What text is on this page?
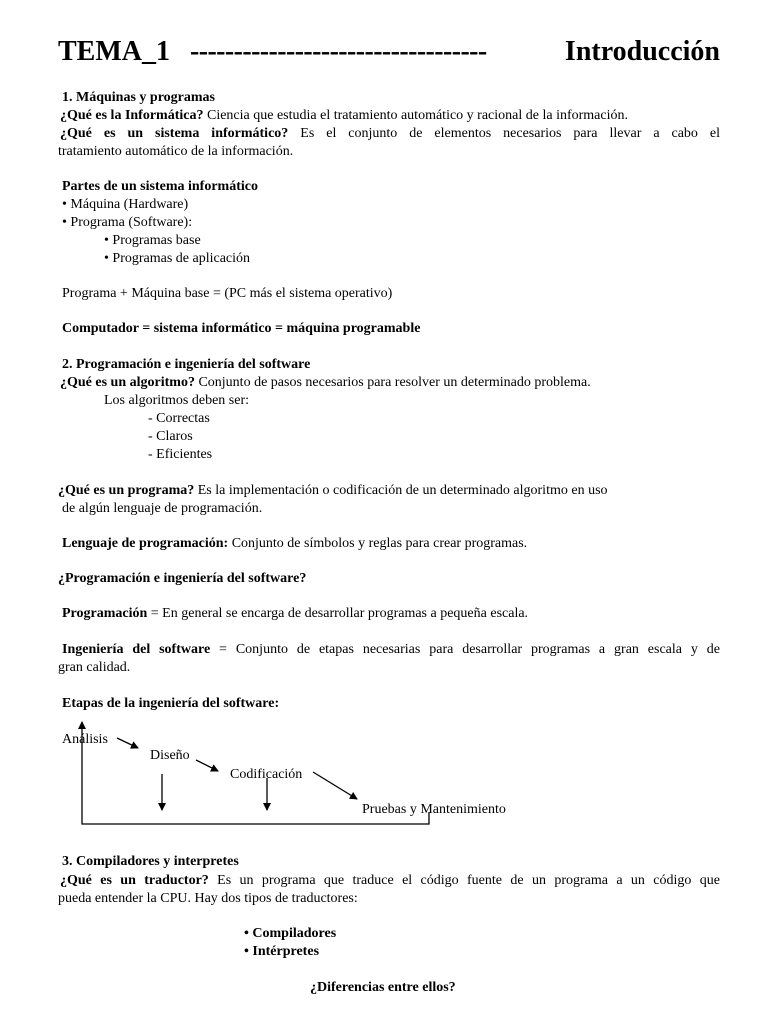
TEMA_1 ----------------------------------	Introducción
1. Máquinas y programas
¿Qué es la Informática? Ciencia que estudia el tratamiento automático y racional de la información.
¿Qué es un sistema informático? Es el conjunto de elementos necesarios para llevar a cabo el
tratamiento automático de la información.
Partes de un sistema informático
• Máquina (Hardware)
• Programa (Software):
• Programas base
• Programas de aplicación
Programa + Máquina base = (PC más el sistema operativo)
Computador = sistema informático = máquina programable
2. Programación e ingeniería del software
¿Qué es un algoritmo? Conjunto de pasos necesarios para resolver un determinado problema.
Los algoritmos deben ser:
- Correctas
- Claros
- Eficientes
¿Qué es un programa? Es la implementación o codificación de un determinado algoritmo en uso
de algún lenguaje de programación.
Lenguaje de programación: Conjunto de símbolos y reglas para crear programas.
¿Programación e ingeniería del software?
Programación = En general se encarga de desarrollar programas a pequeña escala.
Ingeniería del software = Conjunto de etapas necesarias para desarrollar programas a gran escala y de
gran calidad.
Etapas de la ingeniería del software:
Análisis
Diseño
Codificación
Pruebas y Mantenimiento
3. Compiladores y interpretes
¿Qué es un traductor? Es un programa que traduce el código fuente de un programa a un código que
pueda entender la CPU. Hay dos tipos de traductores:
• Compiladores
• Intérpretes
¿Diferencias entre ellos?
